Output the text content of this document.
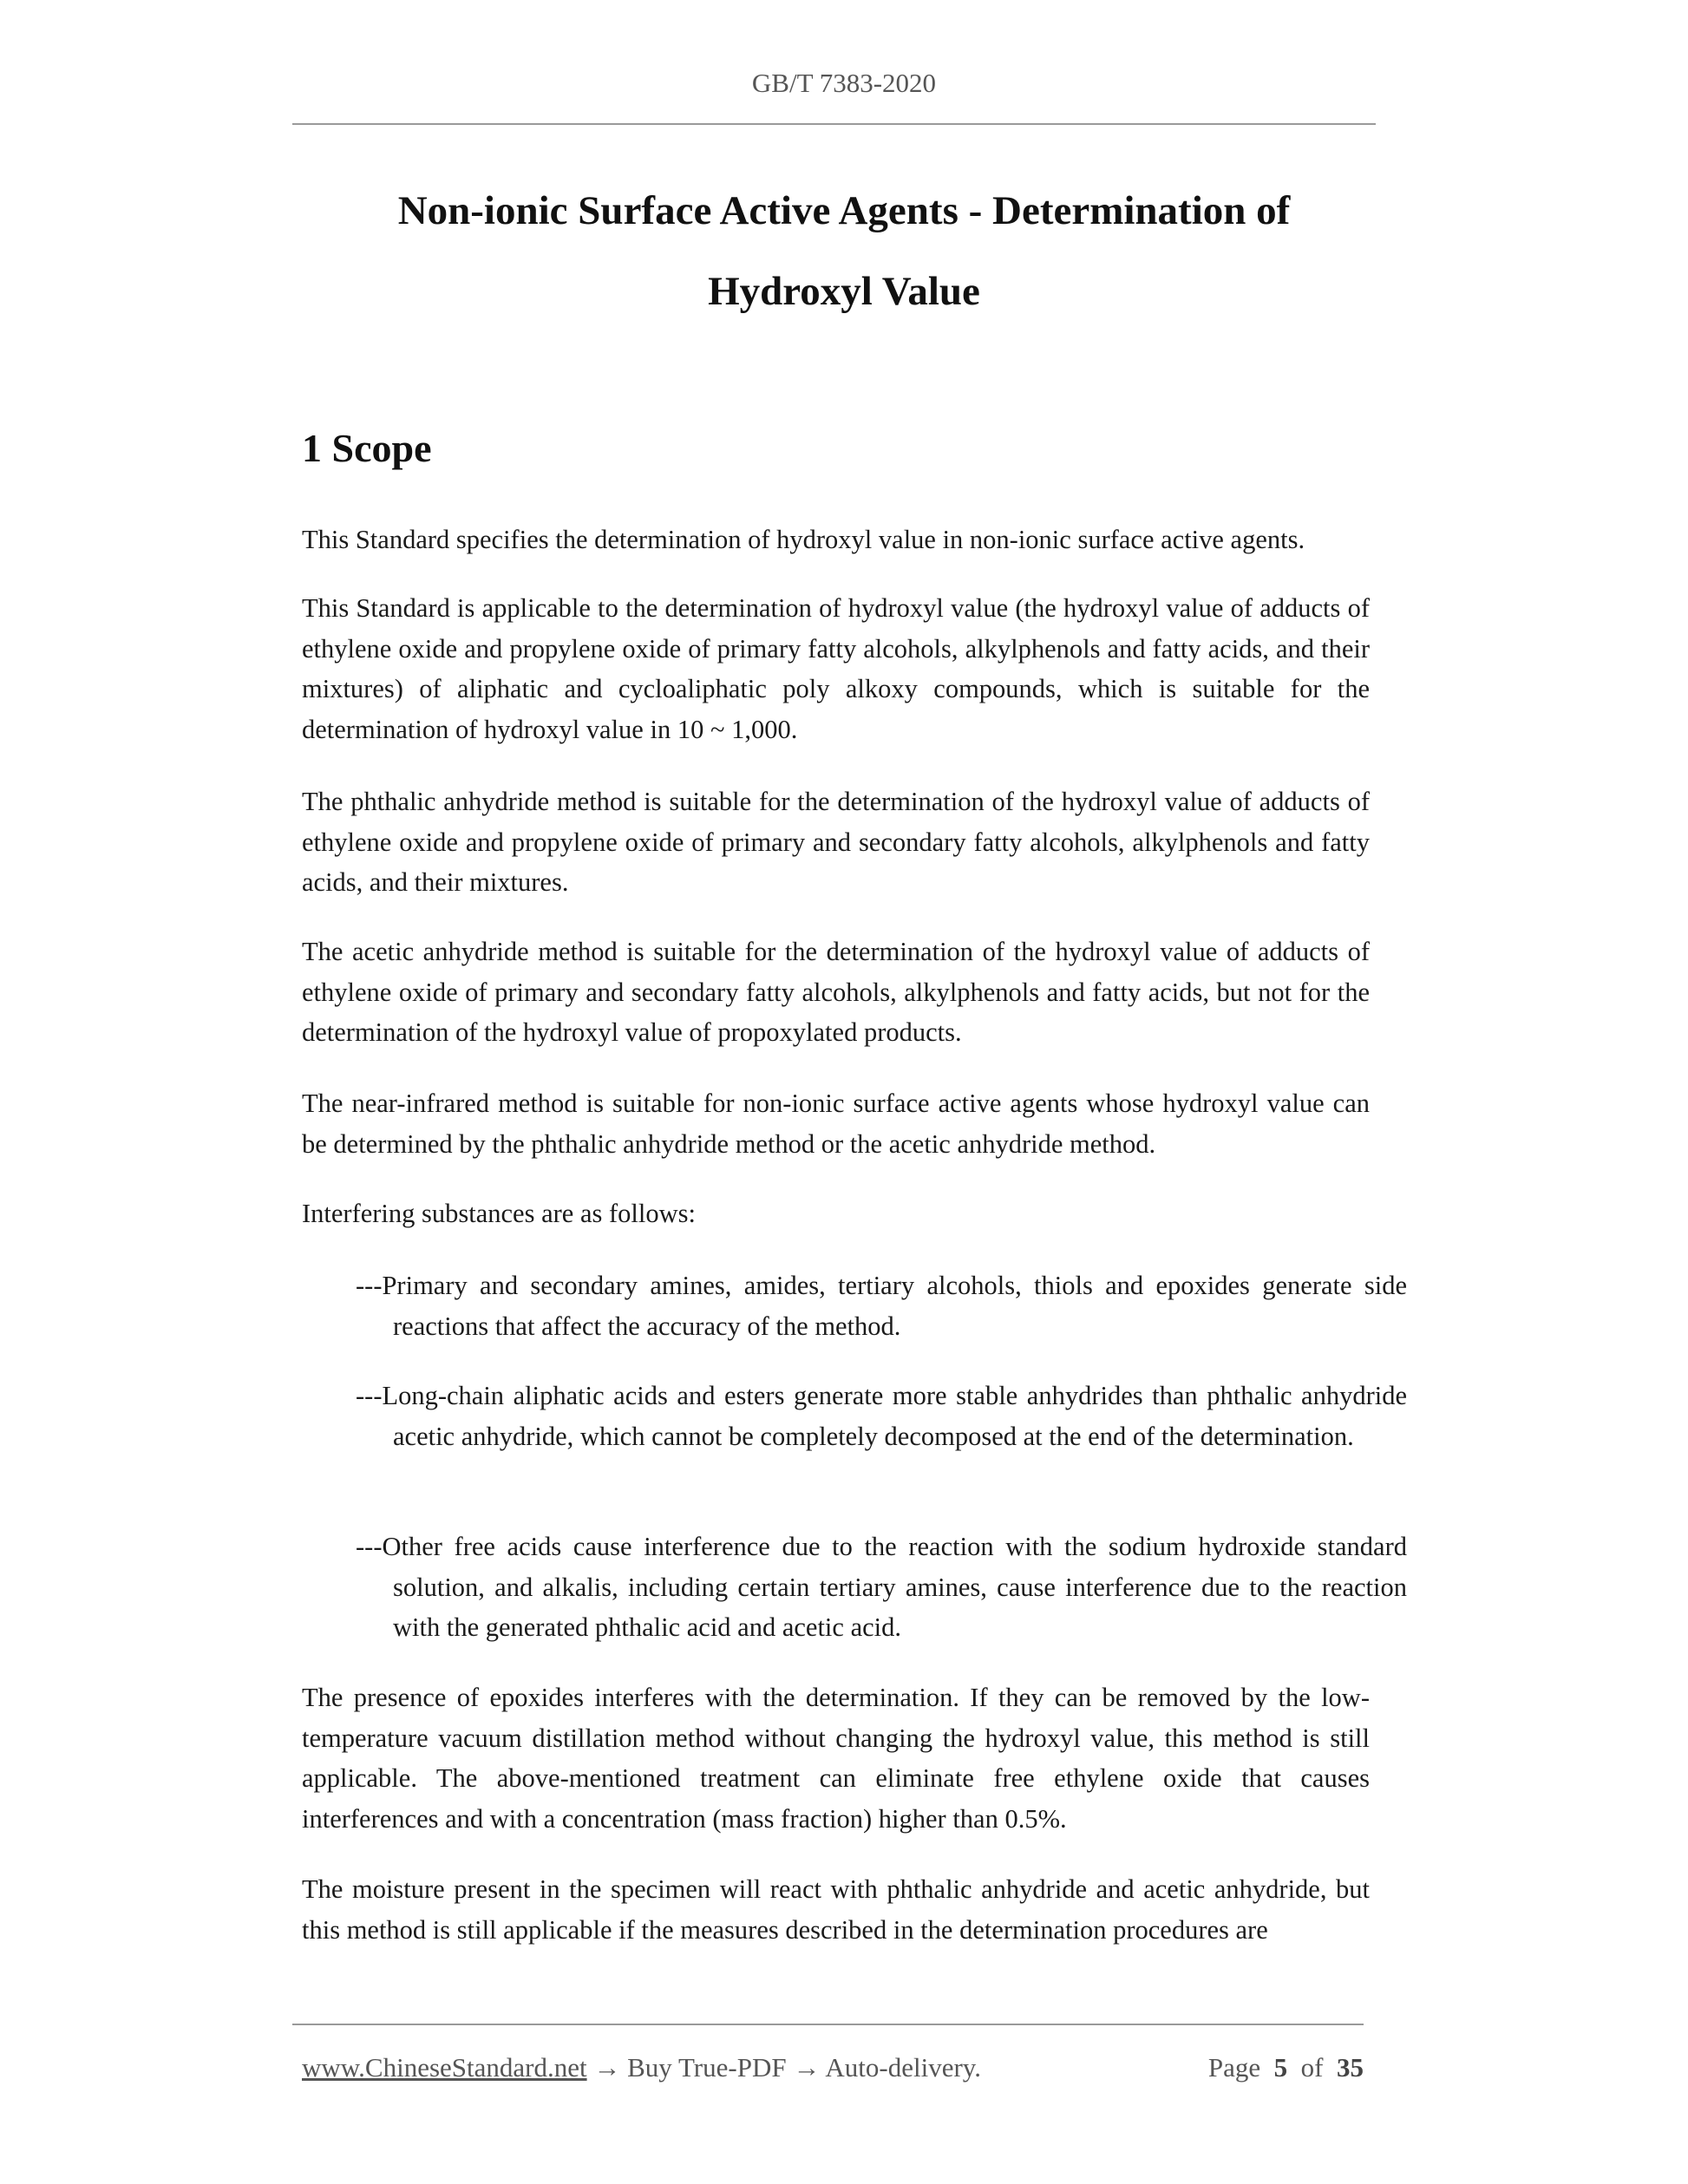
GB/T 7383-2020
Non-ionic Surface Active Agents - Determination of
Hydroxyl Value
1 Scope
This Standard specifies the determination of hydroxyl value in non-ionic surface active agents.
This Standard is applicable to the determination of hydroxyl value (the hydroxyl value of adducts of ethylene oxide and propylene oxide of primary fatty alcohols, alkylphenols and fatty acids, and their mixtures) of aliphatic and cycloaliphatic poly alkoxy compounds, which is suitable for the determination of hydroxyl value in 10 ~ 1,000.
The phthalic anhydride method is suitable for the determination of the hydroxyl value of adducts of ethylene oxide and propylene oxide of primary and secondary fatty alcohols, alkylphenols and fatty acids, and their mixtures.
The acetic anhydride method is suitable for the determination of the hydroxyl value of adducts of ethylene oxide of primary and secondary fatty alcohols, alkylphenols and fatty acids, but not for the determination of the hydroxyl value of propoxylated products.
The near-infrared method is suitable for non-ionic surface active agents whose hydroxyl value can be determined by the phthalic anhydride method or the acetic anhydride method.
Interfering substances are as follows:
---Primary and secondary amines, amides, tertiary alcohols, thiols and epoxides generate side reactions that affect the accuracy of the method.
---Long-chain aliphatic acids and esters generate more stable anhydrides than phthalic anhydride acetic anhydride, which cannot be completely decomposed at the end of the determination.
---Other free acids cause interference due to the reaction with the sodium hydroxide standard solution, and alkalis, including certain tertiary amines, cause interference due to the reaction with the generated phthalic acid and acetic acid.
The presence of epoxides interferes with the determination. If they can be removed by the low-temperature vacuum distillation method without changing the hydroxyl value, this method is still applicable. The above-mentioned treatment can eliminate free ethylene oxide that causes interferences and with a concentration (mass fraction) higher than 0.5%.
The moisture present in the specimen will react with phthalic anhydride and acetic anhydride, but this method is still applicable if the measures described in the determination procedures are
www.ChineseStandard.net → Buy True-PDF → Auto-delivery.	Page 5 of 35
